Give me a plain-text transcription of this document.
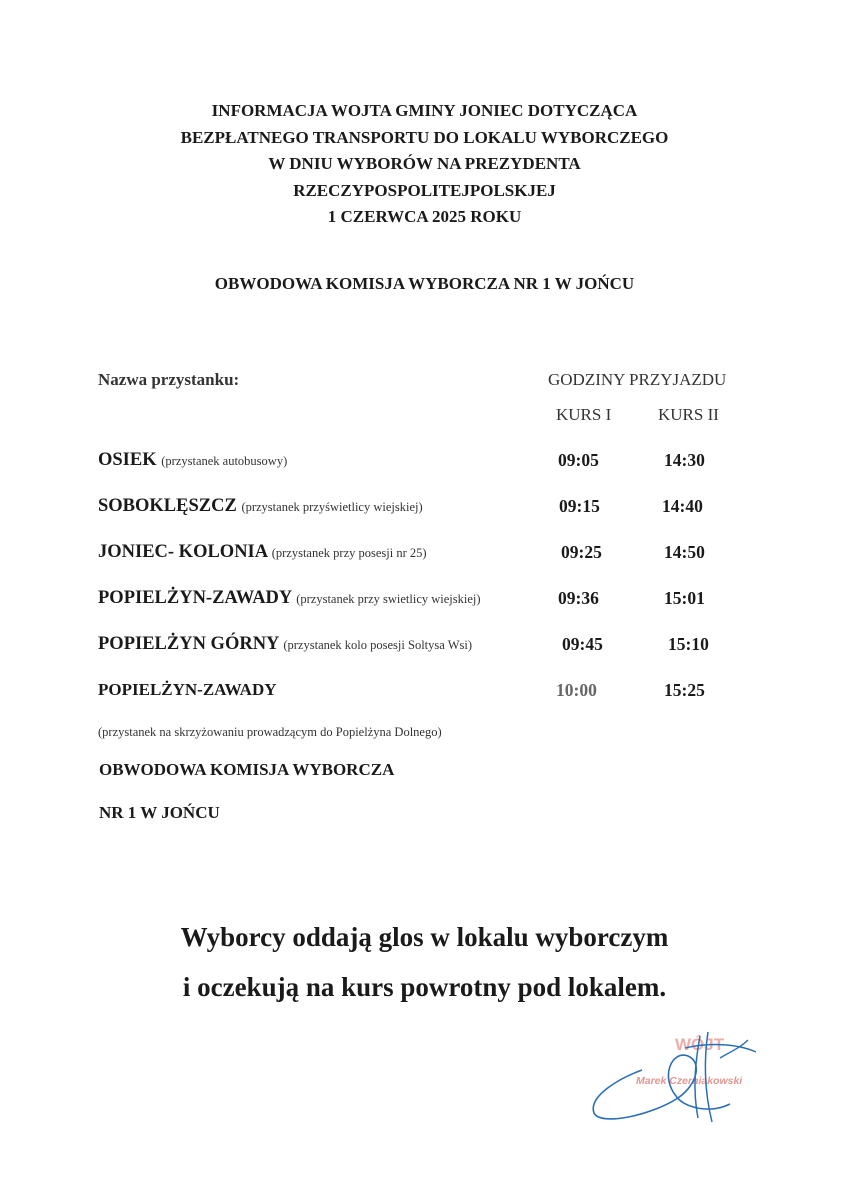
INFORMACJA WOJTA GMINY JONIEC DOTYCZĄCA
BEZPŁATNEGO TRANSPORTU DO LOKALU WYBORCZEGO
W DNIU WYBORÓW NA PREZYDENTA
RZECZYPOSPOLITEJPOLSKJEJ
1 CZERWCA 2025 ROKU
OBWODOWA KOMISJA WYBORCZA NR 1 W JOŃCU
Nazwa przystanku:	GODZINY PRZYJAZDU
KURS I	KURS II
OSIEK (przystanek autobusowy)	09:05	14:30
SOBOKLĘSZCZ (przystanek przyświetlicy wiejskiej)	09:15	14:40
JONIEC- KOLONIA (przystanek przy posesji nr 25)	09:25	14:50
POPIELŻYN-ZAWADY (przystanek przy swietlicy wiejskiej)	09:36	15:01
POPIELŻYN GÓRNY (przystanek kolo posesji Soltysa Wsi)	09:45	15:10
POPIELŻYN-ZAWADY	10:00	15:25
(przystanek na skrzyżowaniu prowadzącym do Popielżyna Dolnego)
OBWODOWA KOMISJA WYBORCZA
NR 1 W JOŃCU
Wyborcy oddają glos w lokalu wyborczym
i oczekują na kurs powrotny pod lokalem.
WÓJT
Marek Czerniakowski
